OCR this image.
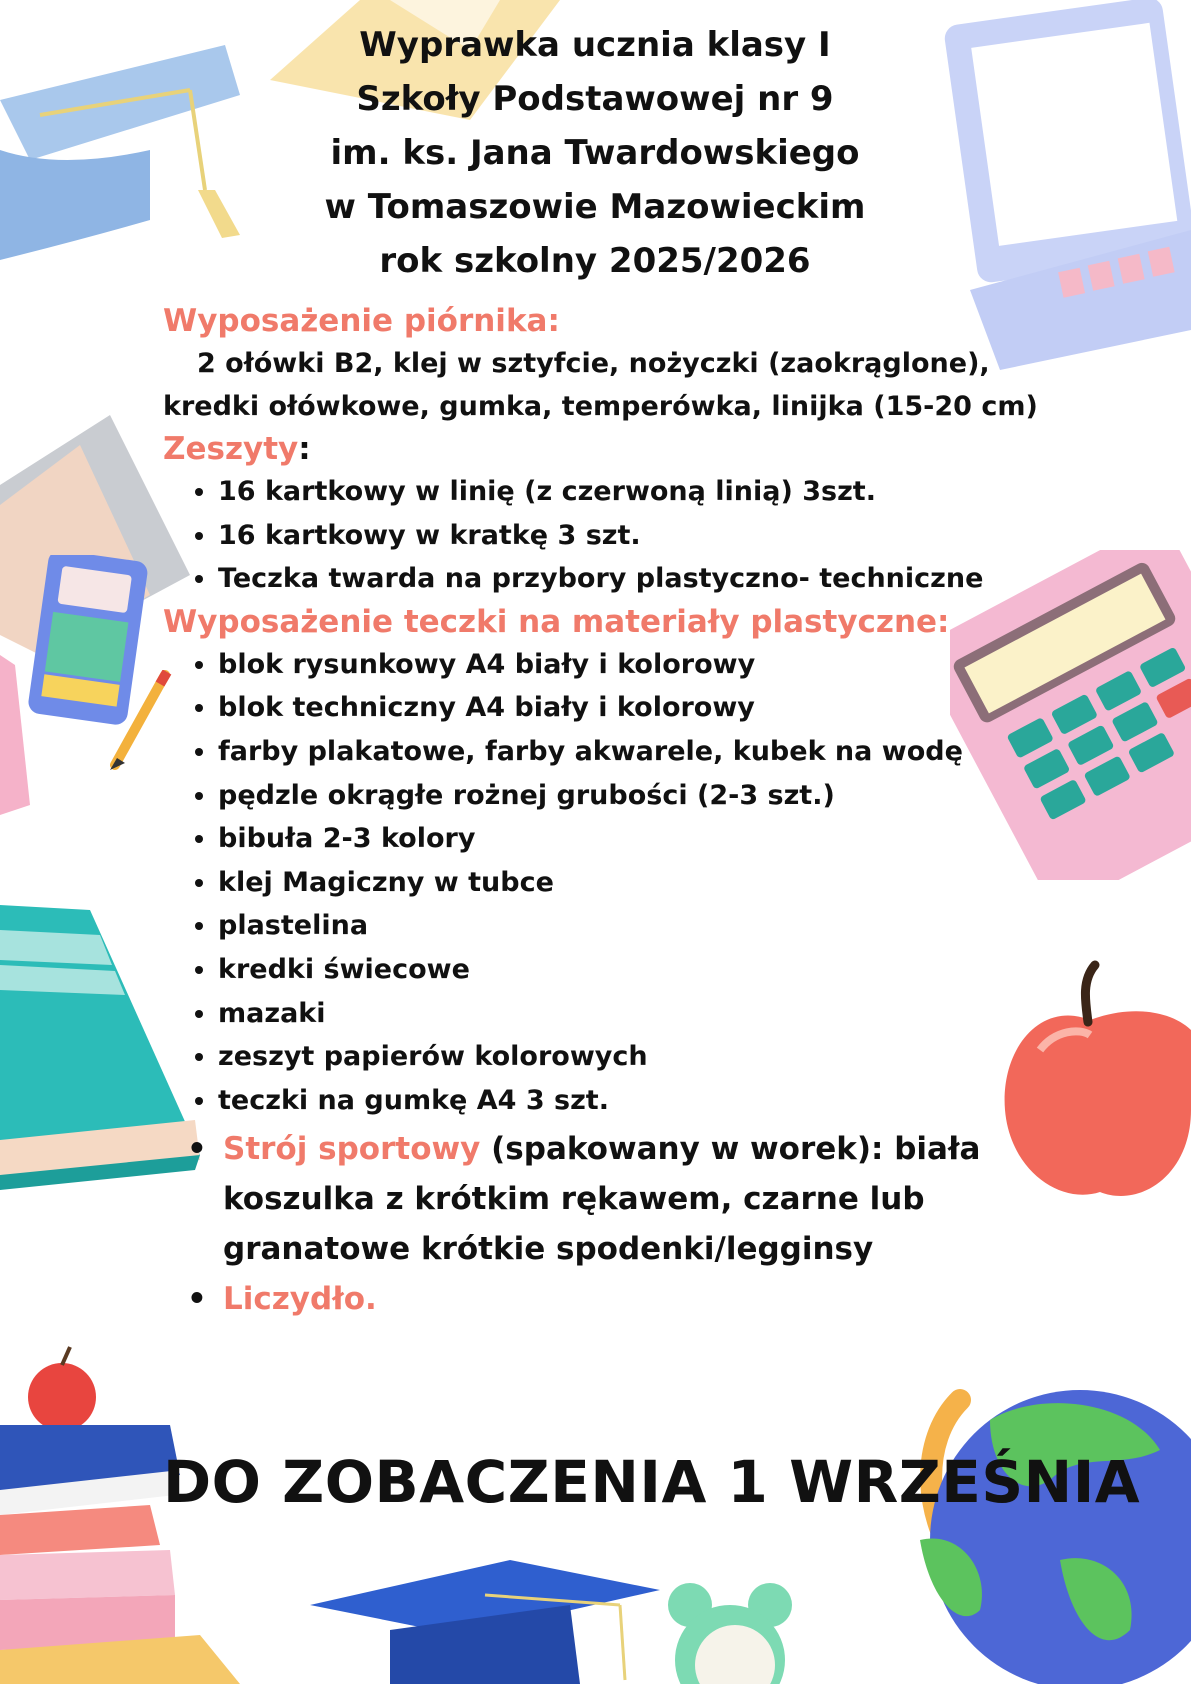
Wyprawka ucznia klasy I
Szkoły Podstawowej nr 9
im. ks. Jana Twardowskiego
w Tomaszowie Mazowieckim
rok szkolny 2025/2026

Wyposażenie piórnika:

2 ołówki B2, klej w sztyfcie, nożyczki (zaokrąglone),
kredki ołówkowe, gumka, temperówka, linijka (15-20 cm)

Zeszyty:

• 16 kartkowy w linię (z czerwoną linią) 3szt.
• 16 kartkowy w kratkę 3 szt.
• Teczka twarda na przybory plastyczno- techniczne

Wyposażenie teczki na materiały plastyczne:

• blok rysunkowy A4 biały i kolorowy
• blok techniczny A4 biały i kolorowy
• farby plakatowe, farby akwarele, kubek na wodę
• pędzle okrągłe rożnej grubości (2-3 szt.)
• bibuła 2-3 kolory
• klej Magiczny w tubce
• plastelina
• kredki świecowe
• mazaki
• zeszyt papierów kolorowych
• teczki na gumkę A4 3 szt.
• Strój sportowy (spakowany w worek): biała
koszulka z krótkim rękawem, czarne lub
granatowe krótkie spodenki/legginsy
• Liczydło.
DO ZOBACZENIA 1 WRZEŚNIA
